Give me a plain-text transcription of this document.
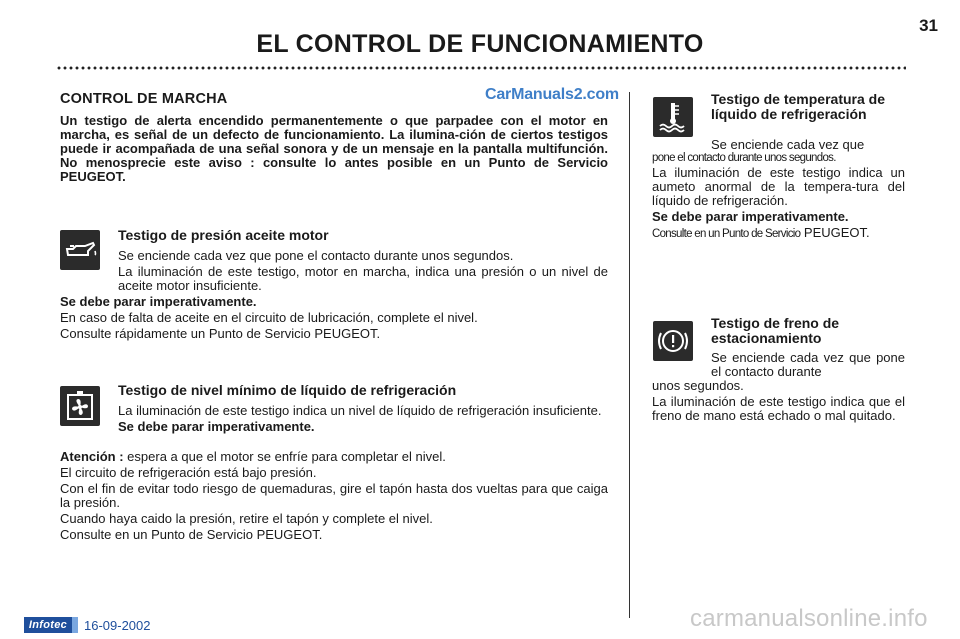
EL CONTROL DE FUNCIONAMIENTO
31
CONTROL DE MARCHA	CarManuals2.com
Un testigo de alerta encendido permanentemente o que parpadee con el motor en marcha, es señal de un defecto de funcionamiento. La ilumina-ción de ciertos testigos puede ir acompañada de una señal sonora y de un mensaje en la pantalla multifunción. No menosprecie este aviso : consulte lo antes posible en un Punto de Servicio PEUGEOT.
Testigo de presión aceite motor

Se enciende cada vez que pone el contacto durante unos segundos.

La iluminación de este testigo, motor en marcha, indica una presión o un nivel de aceite motor insuficiente.

Se debe parar imperativamente.

En caso de falta de aceite en el circuito de lubricación, complete el nivel.

Consulte rápidamente un Punto de Servicio PEUGEOT.

Testigo de nivel mínimo de líquido de refrigeración

La iluminación de este testigo indica un nivel de líquido de refrigeración insuficiente.

Se debe parar imperativamente.

Atención : espera a que el motor se enfríe para completar el nivel.

El circuito de refrigeración está bajo presión.

Con el fin de evitar todo riesgo de quemaduras, gire el tapón hasta dos vueltas para que caiga la presión.

Cuando haya caido la presión, retire el tapón y complete el nivel.

Consulte en un Punto de Servicio PEUGEOT.

Testigo de temperatura de líquido de refrigeración
Se enciende cada vez que
pone el contacto durante unos segundos.

La iluminación de este testigo indica un aumeto anormal de la tempera-tura del líquido de refrigeración.

Se debe parar imperativamente.

Consulte en un Punto de Servicio PEUGEOT.

Testigo de freno de estacionamiento
Se enciende cada vez que pone el contacto durante

unos segundos.

La iluminación de este testigo indica que el freno de mano está echado o mal quitado.

Infotec	16-09-2002	carmanualsonline.info
